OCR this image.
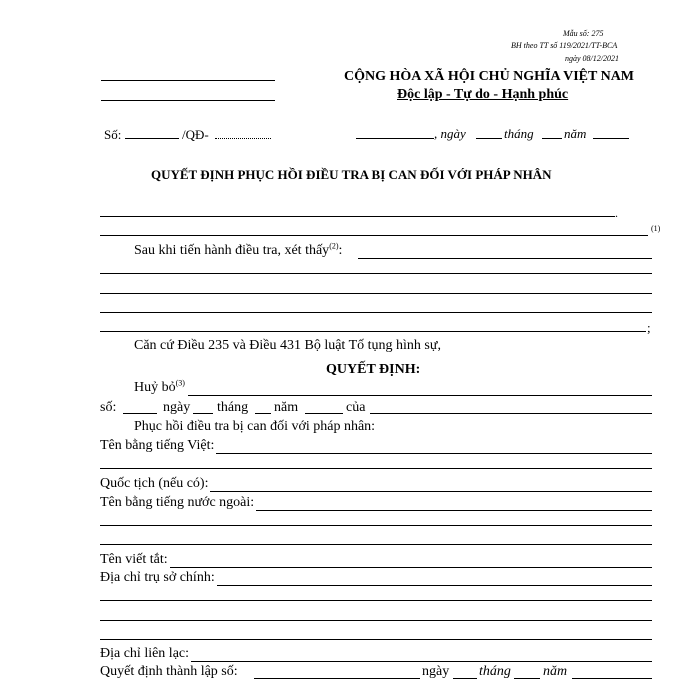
Mẫu số: 275
BH theo TT số 119/2021/TT-BCA
ngày 08/12/2021
CỘNG HÒA XÃ HỘI CHỦ NGHĨA VIỆT NAM
Độc lập - Tự do - Hạnh phúc
Số:	/QĐ-	, ngày	tháng năm
QUYẾT ĐỊNH PHỤC HỒI ĐIỀU TRA BỊ CAN ĐỐI VỚI PHÁP NHÂN
.
(1)
Sau khi tiến hành điều tra, xét thấy$^{(2)}$:
;
Căn cứ Điều 235 và Điều 431 Bộ luật Tố tụng hình sự,
QUYẾT ĐỊNH:
Huỷ bỏ$^{(3)}$
số:	ngày tháng năm	của
Phục hồi điều tra bị can đối với pháp nhân:
Tên bằng tiếng Việt:
Quốc tịch (nếu có):
Tên bằng tiếng nước ngoài:
Tên viết tắt:
Địa chỉ trụ sở chính:
Địa chỉ liên lạc:
Quyết định thành lập số:	ngày tháng năm
